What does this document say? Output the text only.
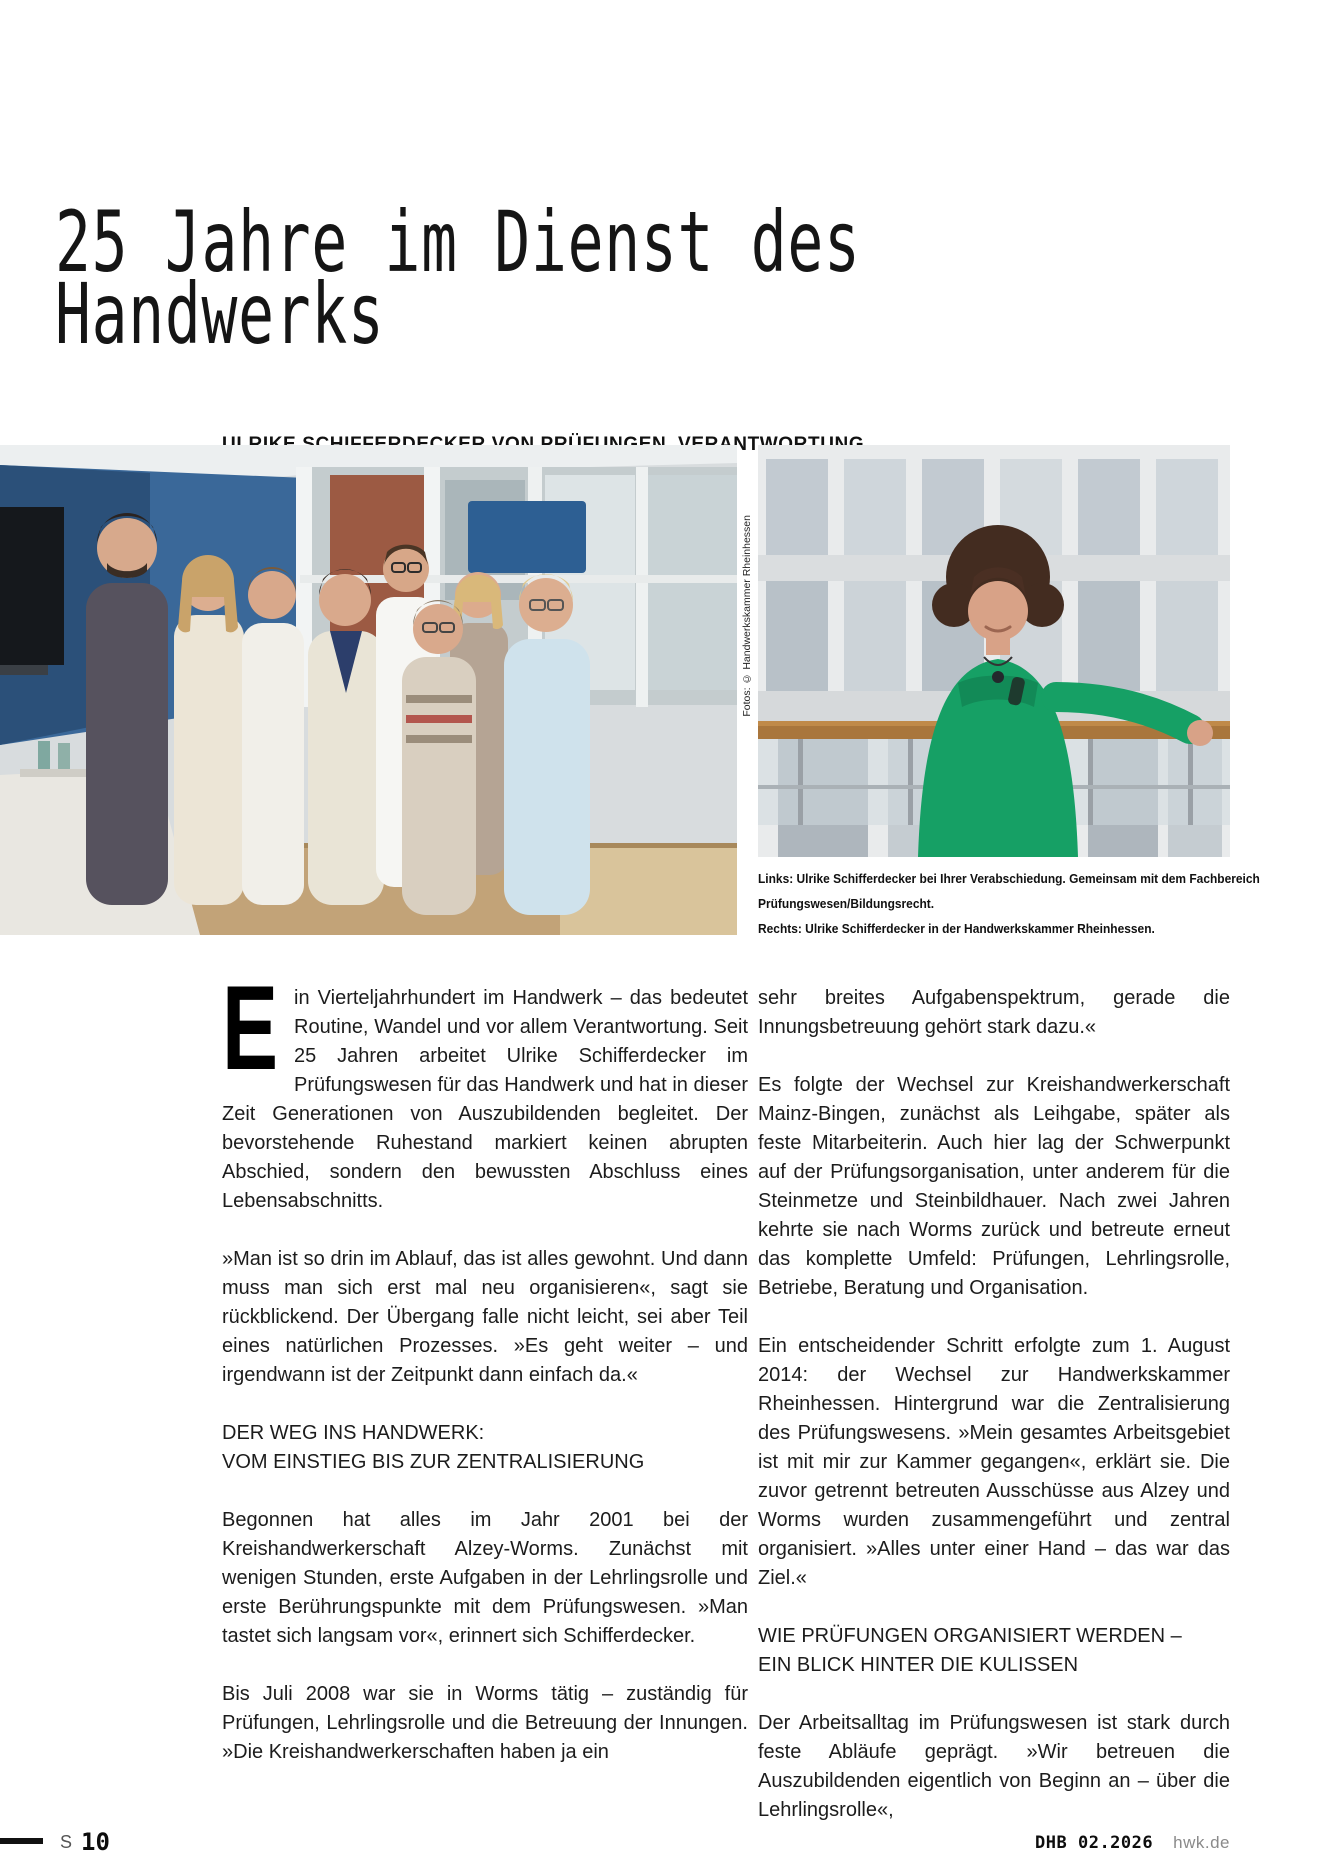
25 Jahre im Dienst des
Handwerks
Fotos: © Handwerkskammer Rheinhessen
Links: Ulrike Schifferdecker bei Ihrer Verabschiedung. Gemeinsam mit dem Fachbereich
Prüfungswesen/Bildungsrecht.
Rechts: Ulrike Schifferdecker in der Handwerkskammer Rheinhessen.

Ein Vierteljahrhundert im Handwerk – das bedeutet Routine, Wandel und vor allem Verantwortung. Seit 25 Jahren arbeitet Ulrike Schifferdecker im Prüfungswesen für das Handwerk und hat in dieser Zeit Generationen von Auszubildenden begleitet. Der bevorstehende Ruhestand markiert keinen abrupten Abschied, sondern den bewussten Abschluss eines Lebensabschnitts.

»Man ist so drin im Ablauf, das ist alles gewohnt. Und dann muss man sich erst mal neu organisieren«, sagt sie rückblickend. Der Übergang falle nicht leicht, sei aber Teil eines natürlichen Prozesses. »Es geht weiter – und irgendwann ist der Zeitpunkt dann einfach da.«

DER WEG INS HANDWERK:
VOM EINSTIEG BIS ZUR ZENTRALISIERUNG

Begonnen hat alles im Jahr 2001 bei der Kreishandwerkerschaft Alzey-Worms. Zunächst mit wenigen Stunden, erste Aufgaben in der Lehrlingsrolle und erste Berührungspunkte mit dem Prüfungswesen. »Man tastet sich langsam vor«, erinnert sich Schifferdecker.

Bis Juli 2008 war sie in Worms tätig – zuständig für Prüfungen, Lehrlingsrolle und die Betreuung der Innungen. »Die Kreishandwerkerschaften haben ja ein

sehr breites Aufgabenspektrum, gerade die Innungsbetreuung gehört stark dazu.«

Es folgte der Wechsel zur Kreishandwerkerschaft Mainz-Bingen, zunächst als Leihgabe, später als feste Mitarbeiterin. Auch hier lag der Schwerpunkt auf der Prüfungsorganisation, unter anderem für die Steinmetze und Steinbildhauer. Nach zwei Jahren kehrte sie nach Worms zurück und betreute erneut das komplette Umfeld: Prüfungen, Lehrlingsrolle, Betriebe, Beratung und Organisation.

Ein entscheidender Schritt erfolgte zum 1. August 2014: der Wechsel zur Handwerkskammer Rheinhessen. Hintergrund war die Zentralisierung des Prüfungswesens. »Mein gesamtes Arbeitsgebiet ist mit mir zur Kammer gegangen«, erklärt sie. Die zuvor getrennt betreuten Ausschüsse aus Alzey und Worms wurden zusammengeführt und zentral organisiert. »Alles unter einer Hand – das war das Ziel.«

WIE PRÜFUNGEN ORGANISIERT WERDEN –
EIN BLICK HINTER DIE KULISSEN

Der Arbeitsalltag im Prüfungswesen ist stark durch feste Abläufe geprägt. »Wir betreuen die Auszubildenden eigentlich von Beginn an – über die Lehrlingsrolle«,

S 10	DHB 02.2026 hwk.de
